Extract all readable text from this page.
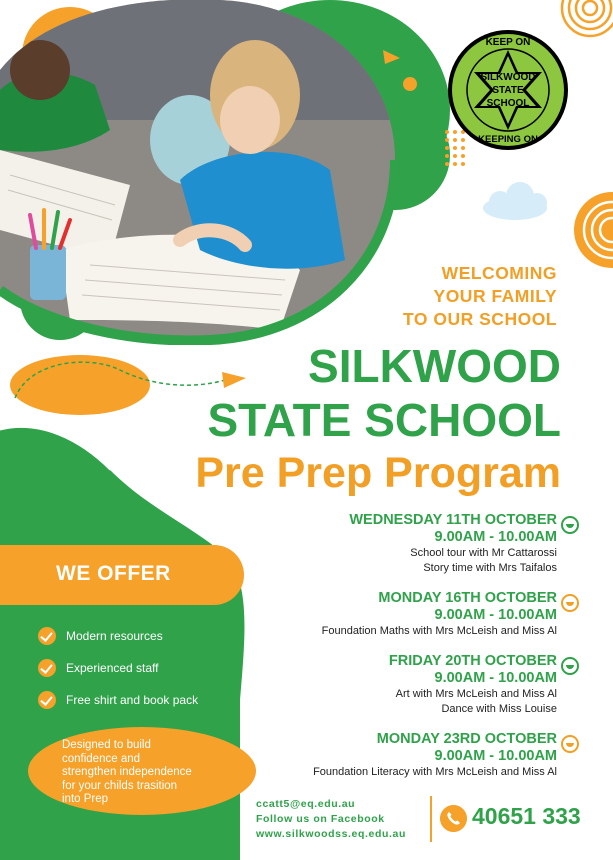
KEEP ON
SILKWOOD
STATE
SCHOOL
KEEPING ON
WELCOMING
YOUR FAMILY
TO OUR SCHOOL
SILKWOOD
STATE SCHOOL
Pre Prep Program
WEDNESDAY 11TH OCTOBER
9.00AM - 10.00AM
School tour with Mr Cattarossi
Story time with Mrs Taifalos
MONDAY 16TH OCTOBER
9.00AM - 10.00AM
Foundation Maths with Mrs McLeish and Miss Al
FRIDAY 20TH OCTOBER
9.00AM - 10.00AM
Art with Mrs McLeish and Miss Al
Dance with Miss Louise
MONDAY 23RD OCTOBER
9.00AM - 10.00AM
Foundation Literacy with Mrs McLeish and Miss Al
WE OFFER
Modern resources
Experienced staff
Free shirt and book pack
Designed to build
confidence and
strengthen independence
for your childs trasition
into Prep	ccatt5@eq.edu.au
Follow us on Facebook
www.silkwoodss.eq.edu.au
40651 333
